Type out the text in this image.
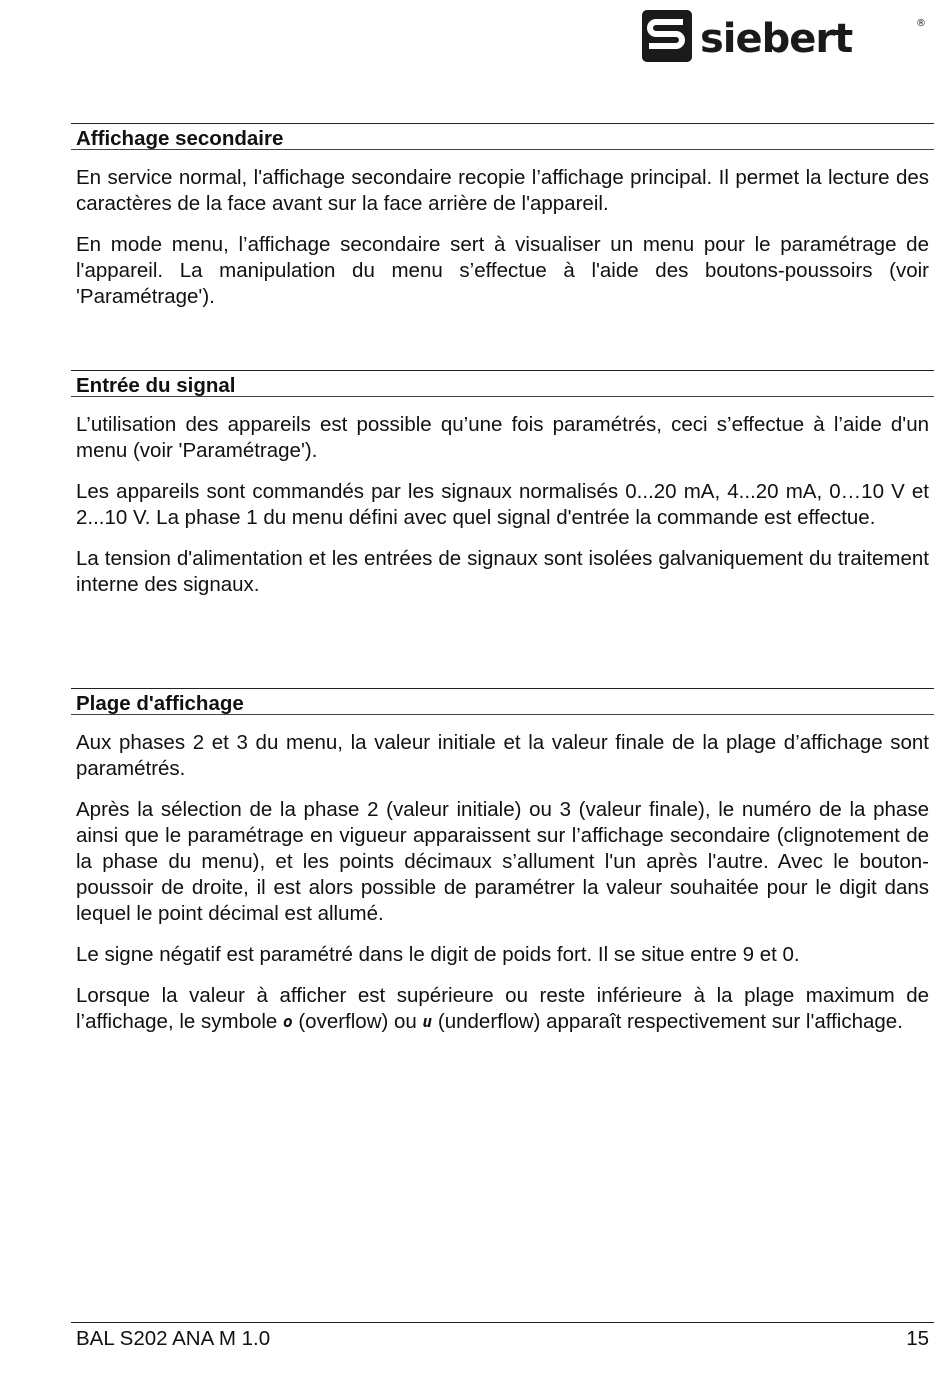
siebert	®
Affichage secondaire

En service normal, l'affichage secondaire recopie l’affichage principal. Il permet la lecture des caractères de la face avant sur la face arrière de l'appareil.

En mode menu, l’affichage secondaire sert à visualiser un menu pour le paramétrage de l'appareil. La manipulation du menu s’effectue à l'aide des boutons-poussoirs (voir 'Paramétrage').

Entrée du signal

L’utilisation des appareils est possible qu’une fois paramétrés, ceci s’effectue à l’aide d'un menu (voir 'Paramétrage').

Les appareils sont commandés par les signaux normalisés 0...20 mA, 4...20 mA, 0…10 V et 2...10 V. La phase 1 du menu défini avec quel signal d'entrée la commande est effectue.

La tension d'alimentation et les entrées de signaux sont isolées galvaniquement du traitement interne des signaux.

Plage d'affichage

Aux phases 2 et 3 du menu, la valeur initiale et la valeur finale de la plage d’affichage sont paramétrés.

Après la sélection de la phase 2 (valeur initiale) ou 3 (valeur finale), le numéro de la phase ainsi que le paramétrage en vigueur apparaissent sur l’affichage secondaire (clignotement de la phase du menu), et les points décimaux s’allument l'un après l'autre. Avec le bouton-poussoir de droite, il est alors possible de paramétrer la valeur souhaitée pour le digit dans lequel le point décimal est allumé.

Le signe négatif est paramétré dans le digit de poids fort. Il se situe entre 9 et 0.

Lorsque la valeur à afficher est supérieure ou reste inférieure à la plage maximum de l’affichage, le symbole o (overflow) ou u (underflow) apparaît respectivement sur l'affichage.

BAL S202 ANA M 1.0	15
